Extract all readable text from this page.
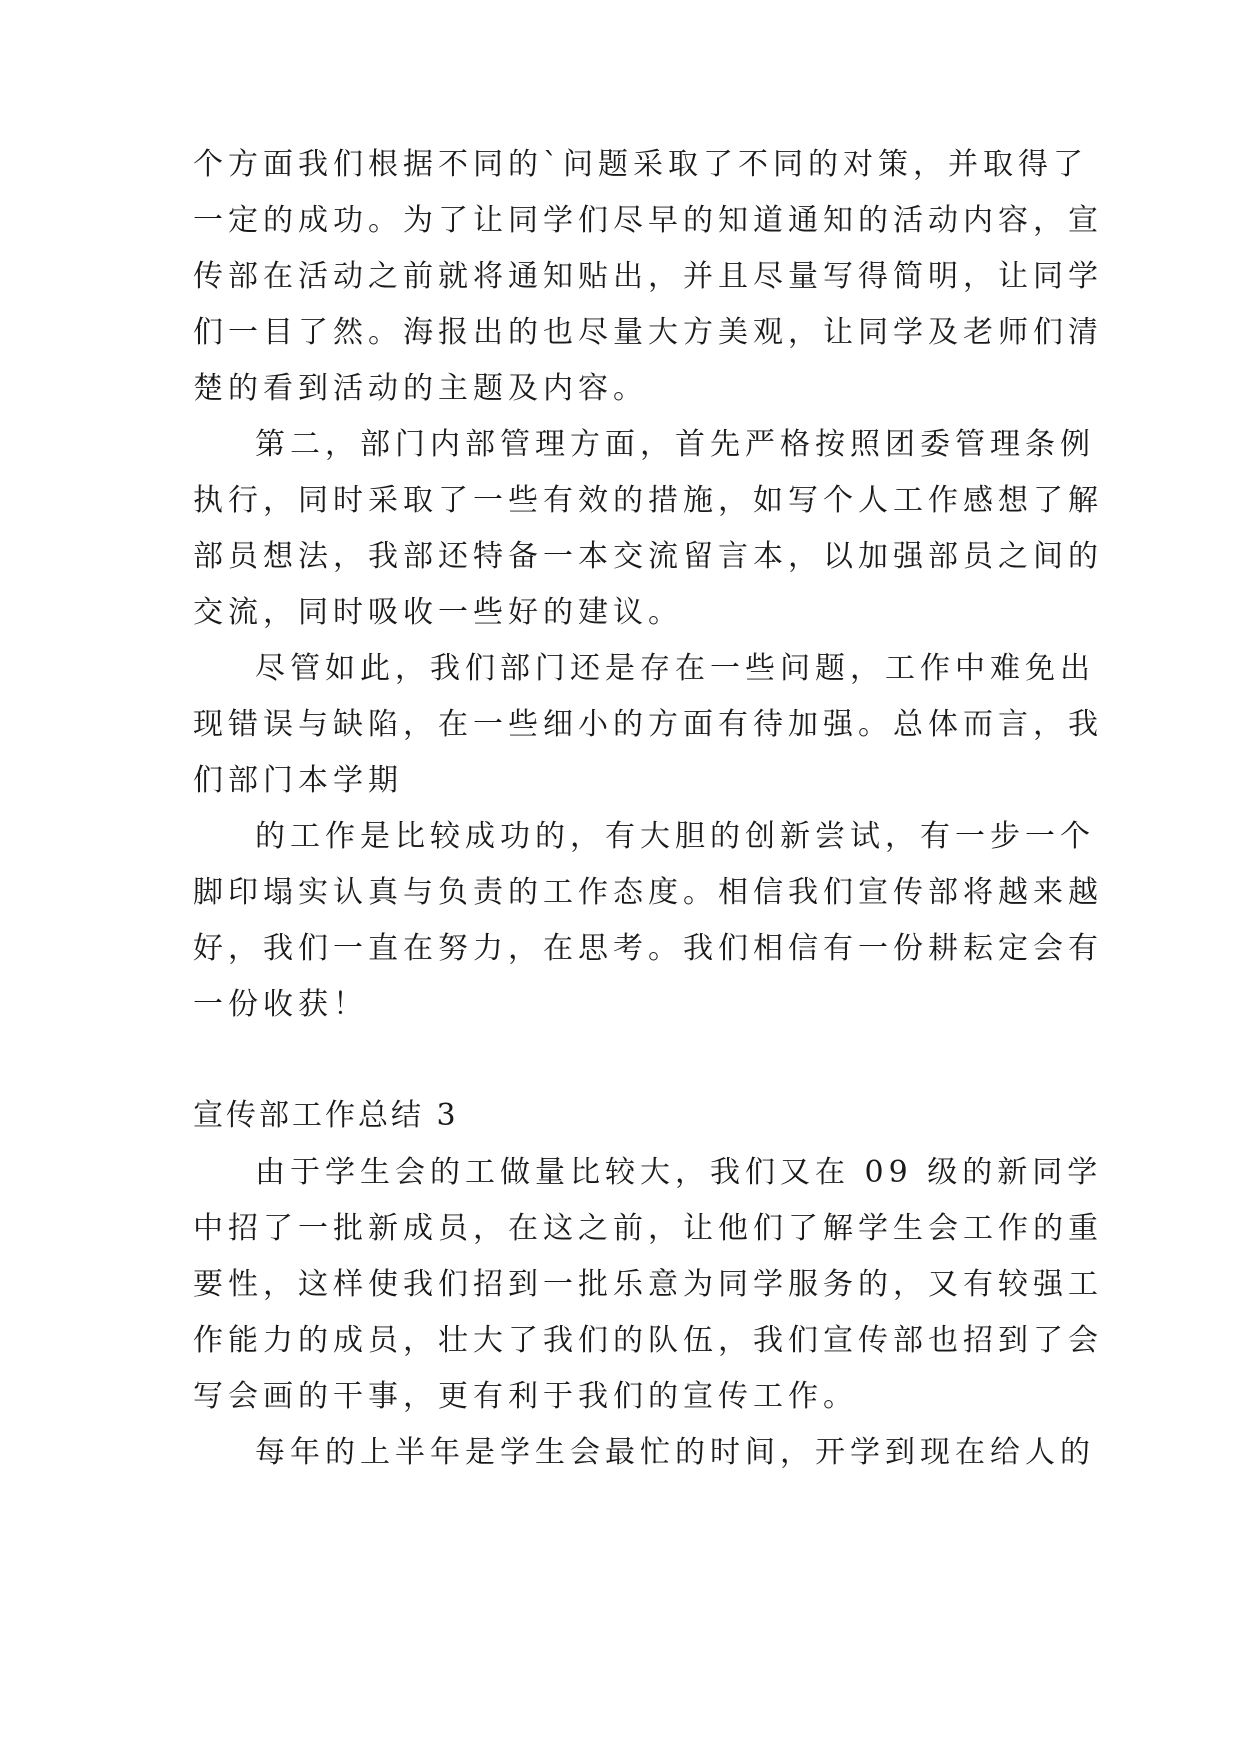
个方面我们根据不同的`问题采取了不同的对策，并取得了
一定的成功。为了让同学们尽早的知道通知的活动内容，宣
传部在活动之前就将通知贴出，并且尽量写得简明，让同学
们一目了然。海报出的也尽量大方美观，让同学及老师们清
楚的看到活动的主题及内容。
第二，部门内部管理方面，首先严格按照团委管理条例
执行，同时采取了一些有效的措施，如写个人工作感想了解
部员想法，我部还特备一本交流留言本，以加强部员之间的
交流，同时吸收一些好的建议。
尽管如此，我们部门还是存在一些问题，工作中难免出
现错误与缺陷，在一些细小的方面有待加强。总体而言，我
们部门本学期
的工作是比较成功的，有大胆的创新尝试，有一步一个
脚印塌实认真与负责的工作态度。相信我们宣传部将越来越
好，我们一直在努力，在思考。我们相信有一份耕耘定会有
一份收获！
宣传部工作总结 3
由于学生会的工做量比较大，我们又在 09 级的新同学
中招了一批新成员，在这之前，让他们了解学生会工作的重
要性，这样使我们招到一批乐意为同学服务的，又有较强工
作能力的成员，壮大了我们的队伍，我们宣传部也招到了会
写会画的干事，更有利于我们的宣传工作。
每年的上半年是学生会最忙的时间，开学到现在给人的
